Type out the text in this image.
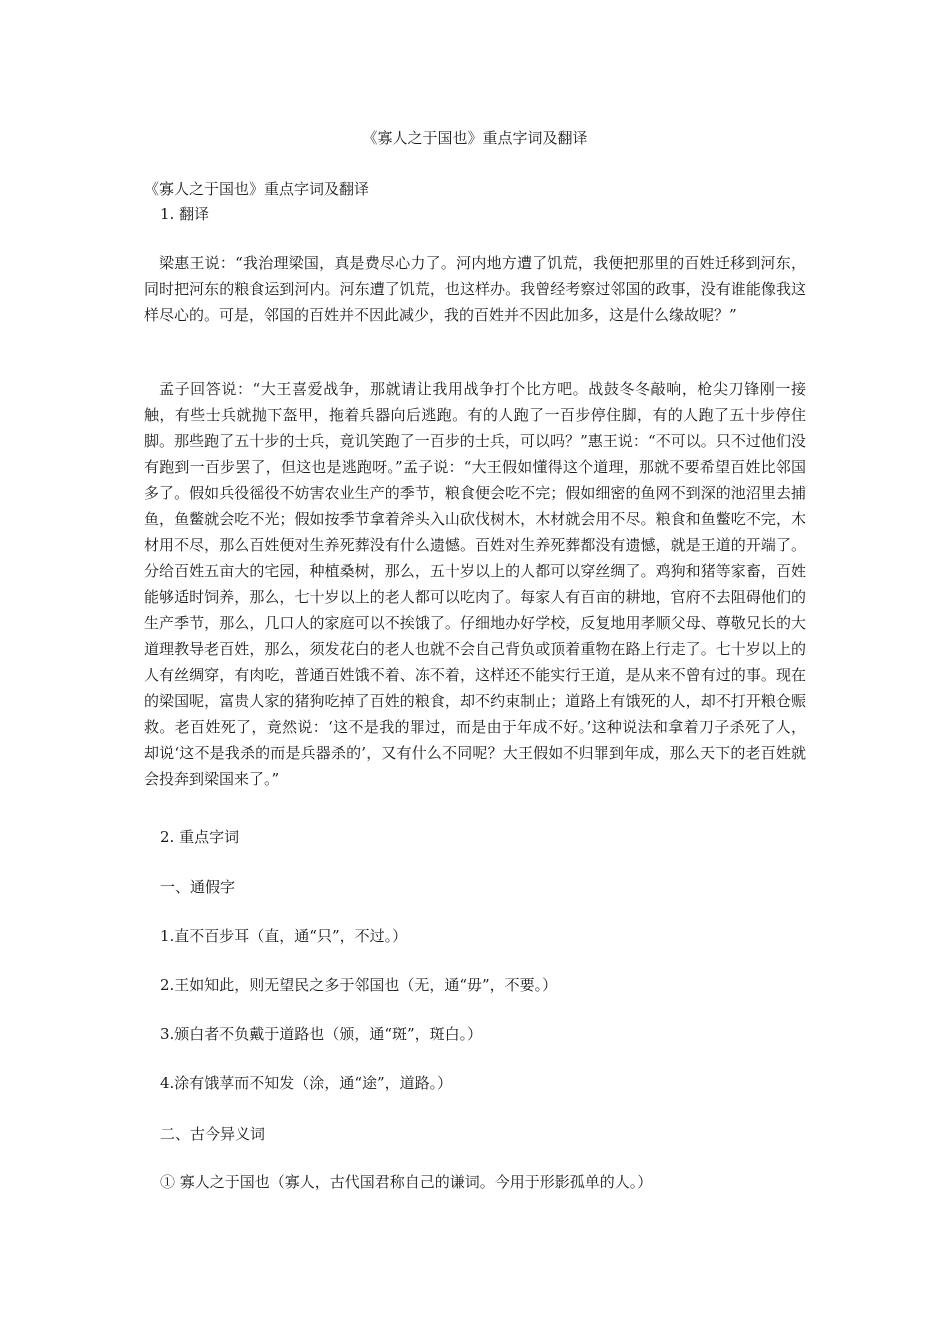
《寡人之于国也》重点字词及翻译
《寡人之于国也》重点字词及翻译
1. 翻译

梁惠王说：“我治理梁国，真是费尽心力了。河内地方遭了饥荒，我便把那里的百姓迁移到河东，同时把河东的粮食运到河内。河东遭了饥荒，也这样办。我曾经考察过邻国的政事，没有谁能像我这样尽心的。可是，邻国的百姓并不因此减少，我的百姓并不因此加多，这是什么缘故呢？”

孟子回答说：“大王喜爱战争，那就请让我用战争打个比方吧。战鼓冬冬敲响，枪尖刀锋刚一接触，有些士兵就抛下盔甲，拖着兵器向后逃跑。有的人跑了一百步停住脚，有的人跑了五十步停住脚。那些跑了五十步的士兵，竟讥笑跑了一百步的士兵，可以吗？”惠王说：“不可以。只不过他们没有跑到一百步罢了，但这也是逃跑呀。”孟子说：“大王假如懂得这个道理，那就不要希望百姓比邻国多了。假如兵役徭役不妨害农业生产的季节，粮食便会吃不完；假如细密的鱼网不到深的池沼里去捕鱼，鱼鳖就会吃不光；假如按季节拿着斧头入山砍伐树木，木材就会用不尽。粮食和鱼鳖吃不完，木材用不尽，那么百姓便对生养死葬没有什么遗憾。百姓对生养死葬都没有遗憾，就是王道的开端了。分给百姓五亩大的宅园，种植桑树，那么，五十岁以上的人都可以穿丝绸了。鸡狗和猪等家畜，百姓能够适时饲养，那么，七十岁以上的老人都可以吃肉了。每家人有百亩的耕地，官府不去阻碍他们的生产季节，那么，几口人的家庭可以不挨饿了。仔细地办好学校，反复地用孝顺父母、尊敬兄长的大道理教导老百姓，那么，须发花白的老人也就不会自己背负或顶着重物在路上行走了。七十岁以上的人有丝绸穿，有肉吃，普通百姓饿不着、冻不着，这样还不能实行王道，是从来不曾有过的事。现在的梁国呢，富贵人家的猪狗吃掉了百姓的粮食，却不约束制止；道路上有饿死的人，却不打开粮仓赈救。老百姓死了，竟然说：‘这不是我的罪过，而是由于年成不好。’这种说法和拿着刀子杀死了人，却说‘这不是我杀的而是兵器杀的’，又有什么不同呢？大王假如不归罪到年成，那么天下的老百姓就会投奔到梁国来了。”

2. 重点字词
一、通假字
1.直不百步耳（直，通“只”，不过。）
2.王如知此，则无望民之多于邻国也（无，通“毋”，不要。）
3.颁白者不负戴于道路也（颁，通“斑”，斑白。）
4.涂有饿莩而不知发（涂，通“途”，道路。）
二、古今异义词
① 寡人之于国也（寡人，古代国君称自己的谦词。今用于形影孤单的人。）
